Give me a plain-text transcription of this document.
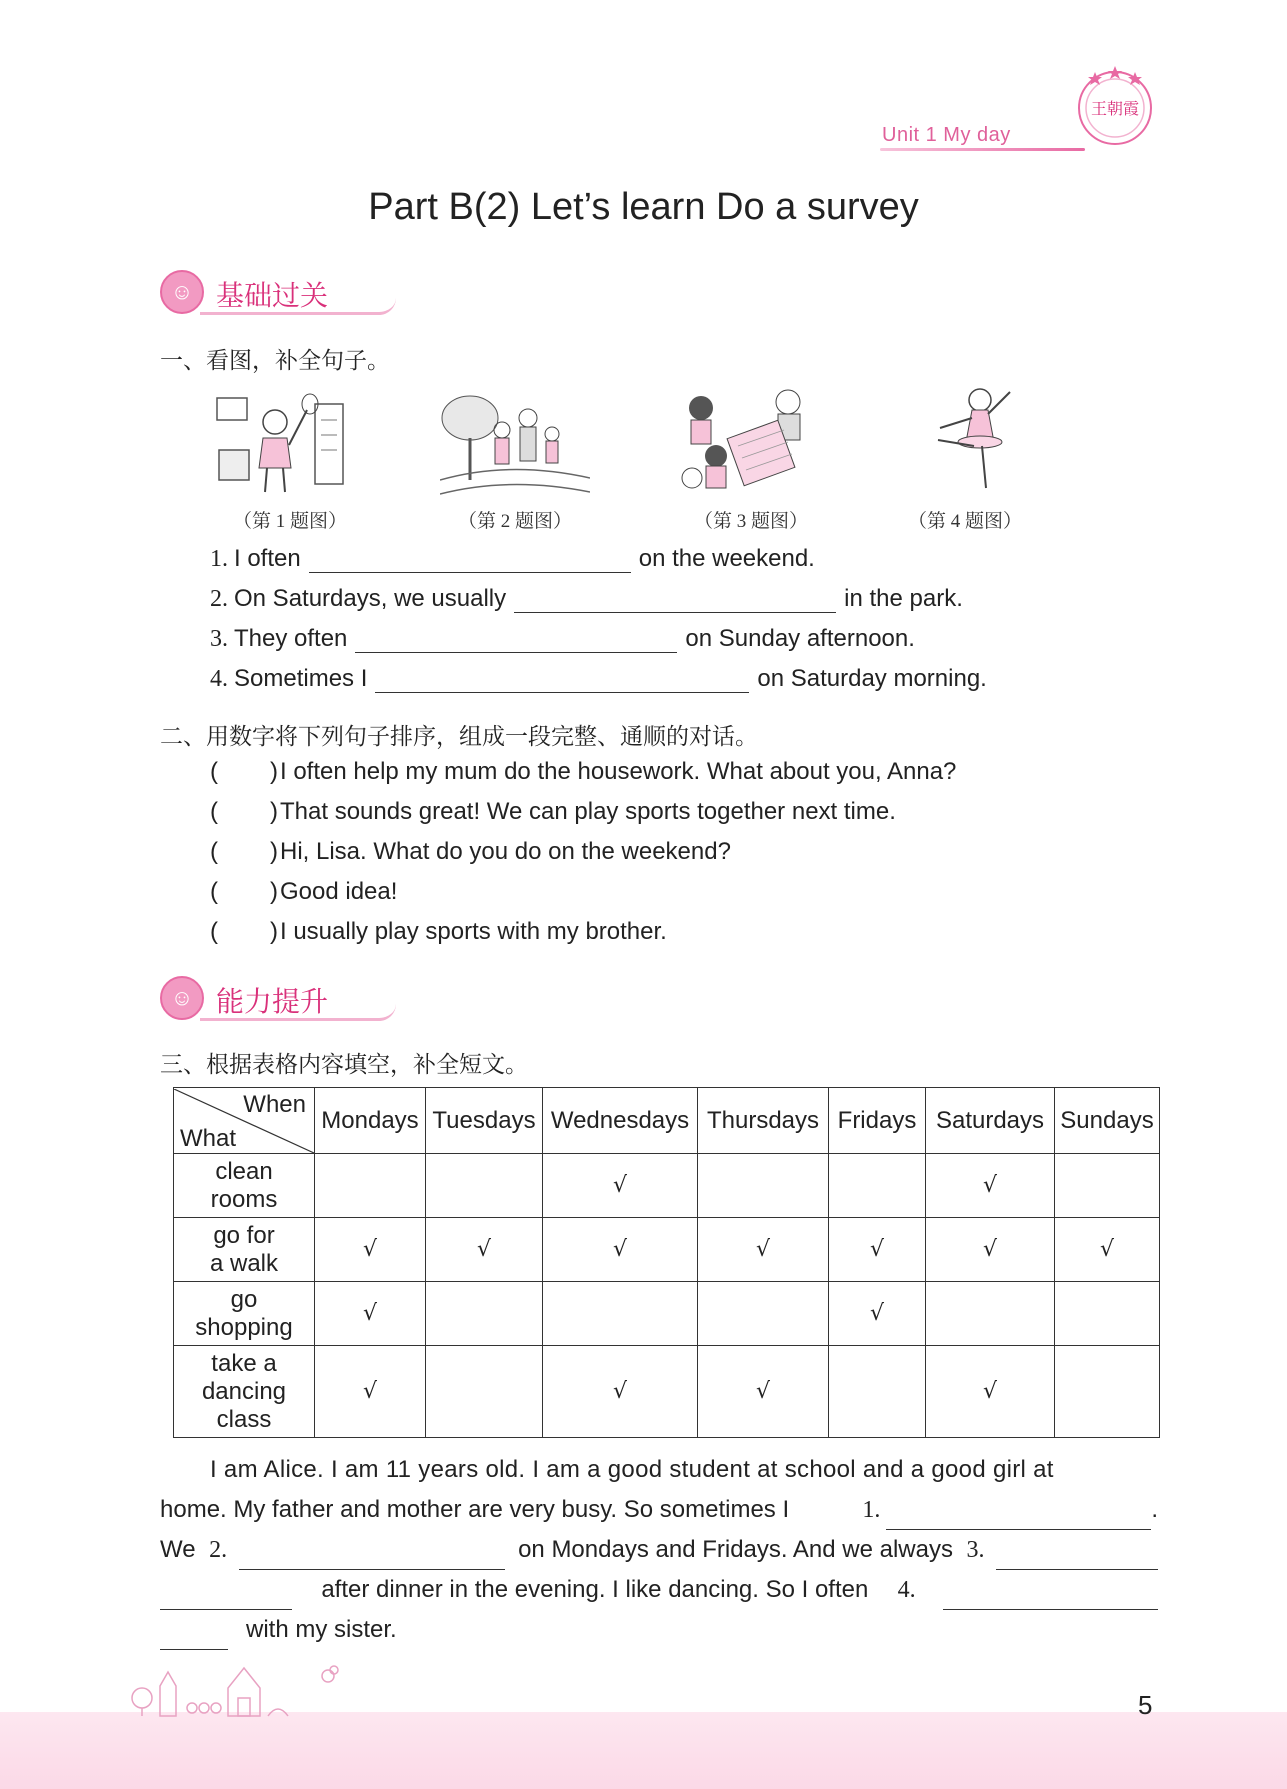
王朝霞
Unit 1 My day
Part B(2) Let’s learn Do a survey
☺ 基础过关
一、看图，补全句子。
（第 1 题图）	（第 2 题图）	（第 3 题图）	（第 4 题图）
1. I often	on the weekend.
2. On Saturdays, we usually	in the park.
3. They often	on Sunday afternoon.
4. Sometimes I	on Saturday morning.
二、用数字将下列句子排序，组成一段完整、通顺的对话。
( )I often help my mum do the housework. What about you, Anna?
( )That sounds great! We can play sports together next time.
( )Hi, Lisa. What do you do on the weekend?
( )Good idea!
( )I usually play sports with my brother.
☺ 能力提升
三、根据表格内容填空，补全短文。
When
What	Mondays	Tuesdays	Wednesdays	Thursdays	Fridays	Saturdays	Sundays

clean
rooms			√			√	

go for
a walk	√	√	√	√	√	√	√

go
shopping	√				√		

take a
dancing
class	√		√	√		√	
I am Alice. I am 11 years old. I am a good student at school and a good girl at
home. My father and mother are very busy. So sometimes I	1.	.
We 2.	on Mondays and Fridays. And we always 3.
after dinner in the evening. I like dancing. So I often 4.
with my sister.
5
